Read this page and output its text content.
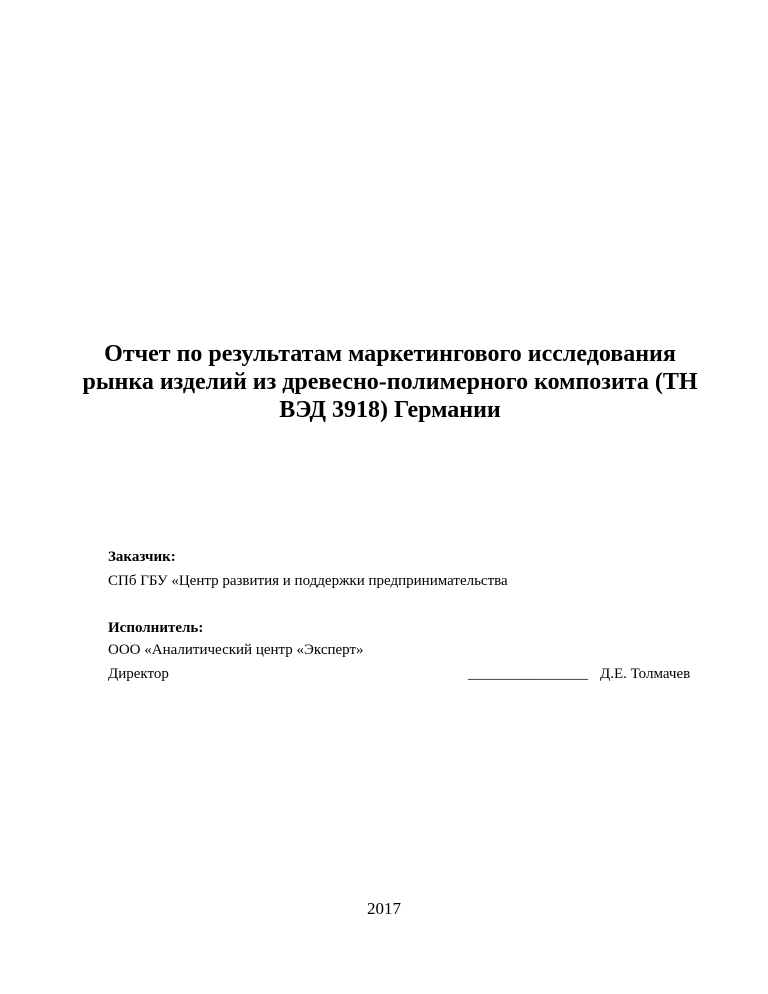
Отчет по результатам маркетингового исследования
рынка изделий из древесно-полимерного композита (ТН
ВЭД 3918) Германии

Заказчик:

СПб ГБУ «Центр развития и поддержки предпринимательства

Исполнитель:

ООО «Аналитический центр «Эксперт»

Директор	________________ Д.Е. Толмачев

2017
